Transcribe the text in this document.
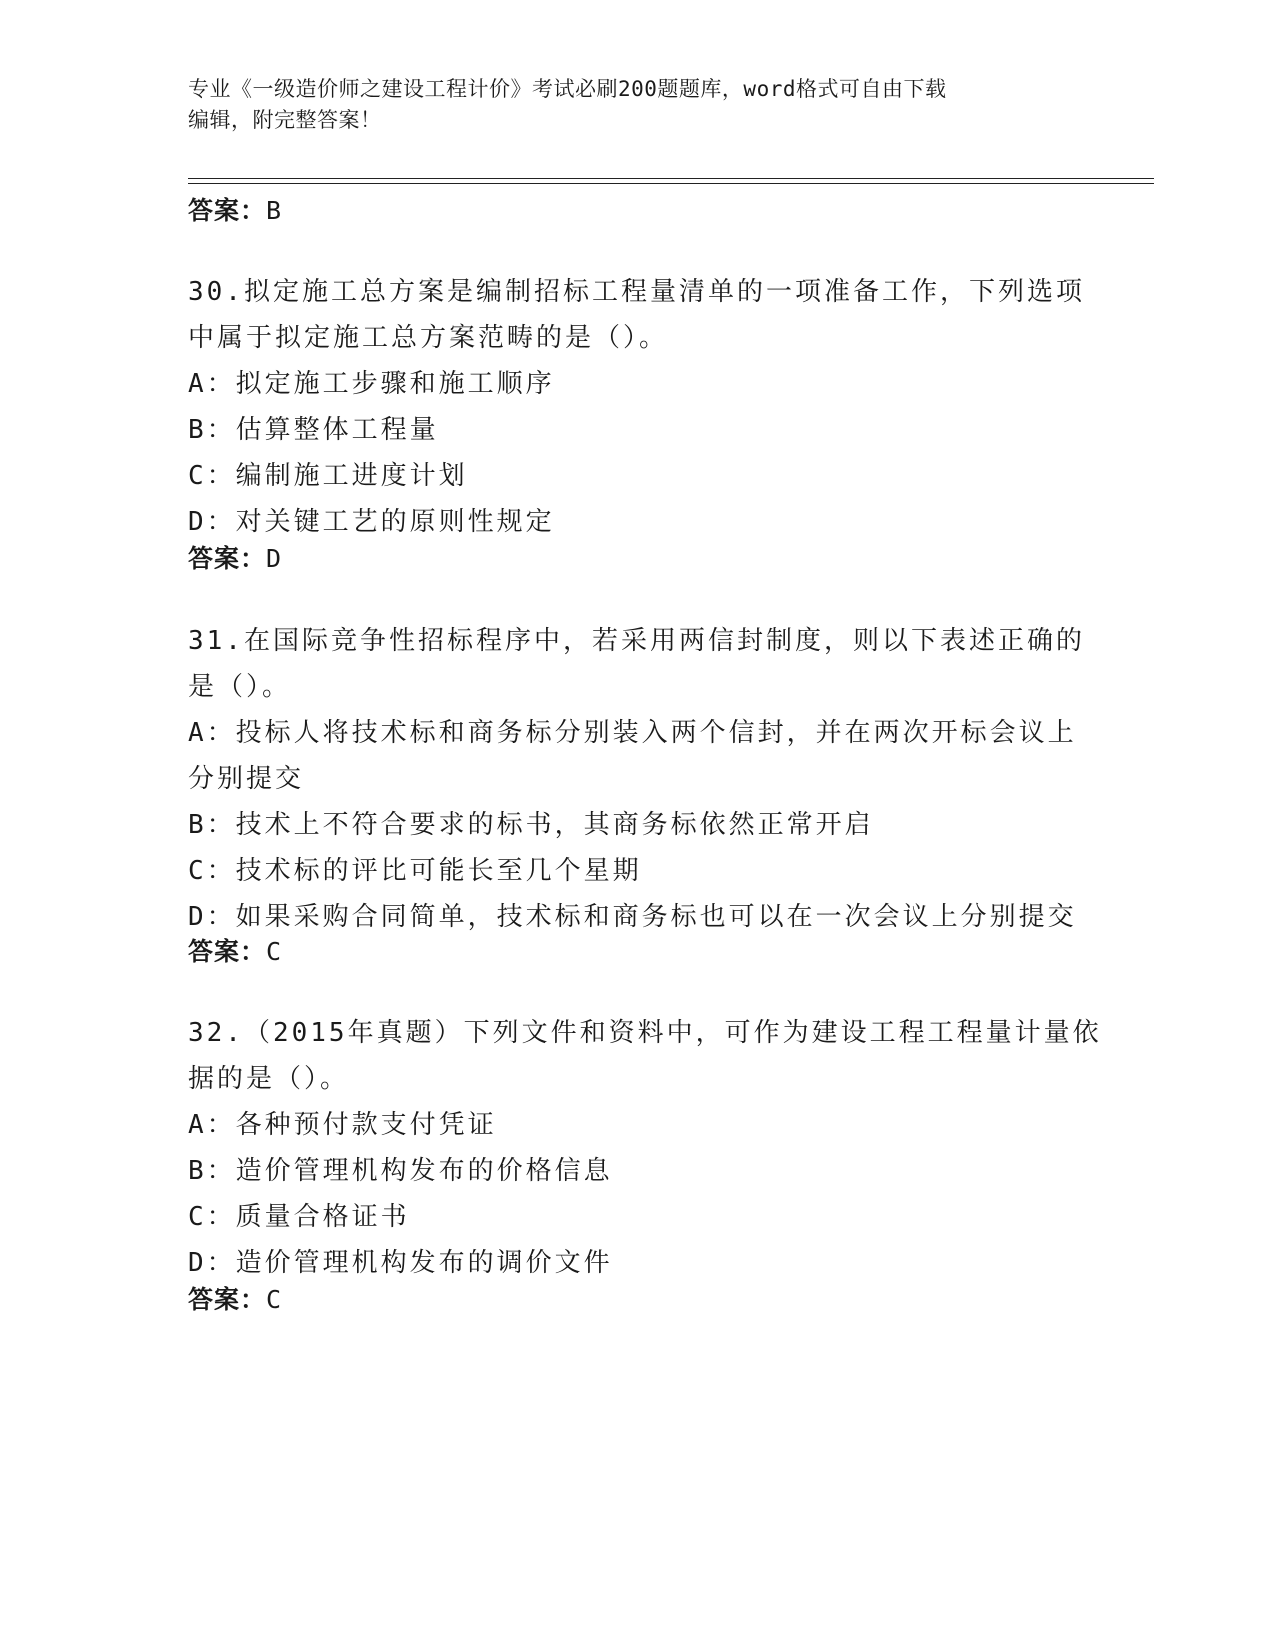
专业《一级造价师之建设工程计价》考试必刷200题题库，word格式可自由下载
编辑，附完整答案！
答案：B
30.拟定施工总方案是编制招标工程量清单的一项准备工作，下列选项
中属于拟定施工总方案范畴的是（）。
A：拟定施工步骤和施工顺序
B：估算整体工程量
C：编制施工进度计划
D：对关键工艺的原则性规定
答案：D
31.在国际竞争性招标程序中，若采用两信封制度，则以下表述正确的
是（）。
A：投标人将技术标和商务标分别装入两个信封，并在两次开标会议上
分别提交
B：技术上不符合要求的标书，其商务标依然正常开启
C：技术标的评比可能长至几个星期
D：如果采购合同简单，技术标和商务标也可以在一次会议上分别提交
答案：C
32.（2015年真题）下列文件和资料中，可作为建设工程工程量计量依
据的是（）。
A：各种预付款支付凭证
B：造价管理机构发布的价格信息
C：质量合格证书
D：造价管理机构发布的调价文件
答案：C
